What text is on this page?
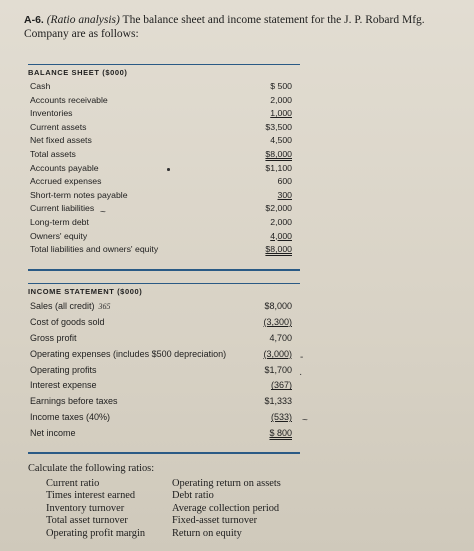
A-6. (Ratio analysis) The balance sheet and income statement for the J. P. Robard Mfg. Company are as follows:
BALANCE SHEET ($000)
Cash	$ 500
Accounts receivable	2,000
Inventories	1,000
Current assets	$3,500
Net fixed assets	4,500
Total assets	$8,000
Accounts payable	$1,100
Accrued expenses	600
Short-term notes payable	300
Current liabilities	$2,000
Long-term debt	2,000
Owners' equity	4,000
Total liabilities and owners' equity	$8,000
INCOME STATEMENT ($000)
Sales (all credit) 365	$8,000
Cost of goods sold	(3,300)
Gross profit	4,700
Operating expenses (includes $500 depreciation)	(3,000)
Operating profits	$1,700
Interest expense	(367)
Earnings before taxes	$1,333
Income taxes (40%)	(533)
Net income	$ 800
-
·
~
~
Calculate the following ratios:
Current ratio
Times interest earned
Inventory turnover
Total asset turnover
Operating profit margin
Operating return on assets
Debt ratio
Average collection period
Fixed-asset turnover
Return on equity
